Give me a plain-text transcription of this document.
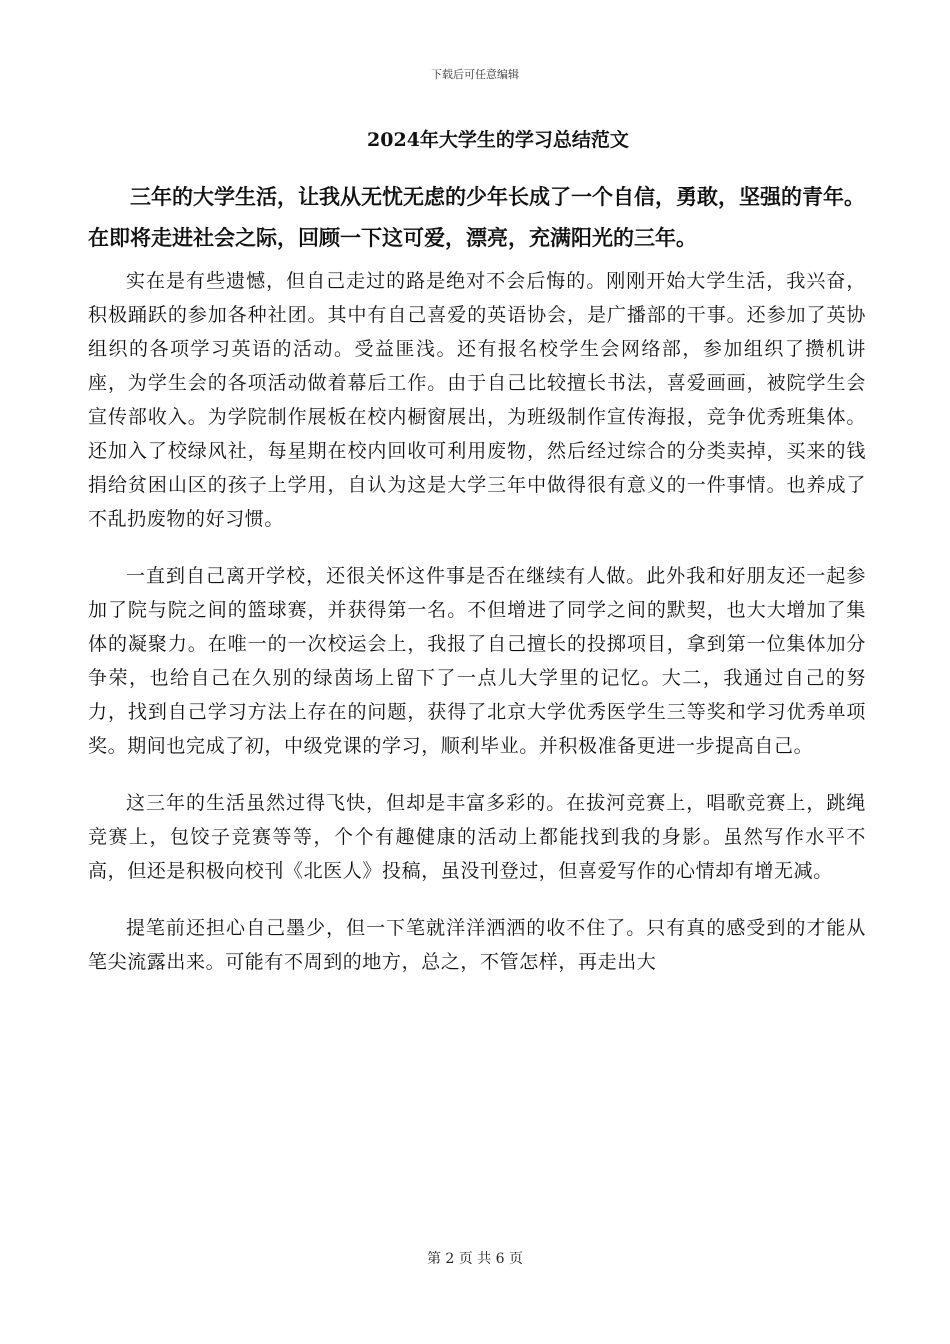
下载后可任意编辑
2024年大学生的学习总结范文

三年的大学生活，让我从无忧无虑的少年长成了一个自信，勇敢，坚强的青年。在即将走进社会之际，回顾一下这可爱，漂亮，充满阳光的三年。

实在是有些遗憾，但自己走过的路是绝对不会后悔的。刚刚开始大学生活，我兴奋，积极踊跃的参加各种社团。其中有自己喜爱的英语协会，是广播部的干事。还参加了英协组织的各项学习英语的活动。受益匪浅。还有报名校学生会网络部，参加组织了攒机讲座，为学生会的各项活动做着幕后工作。由于自己比较擅长书法，喜爱画画，被院学生会宣传部收入。为学院制作展板在校内橱窗展出，为班级制作宣传海报，竞争优秀班集体。还加入了校绿风社，每星期在校内回收可利用废物，然后经过综合的分类卖掉，买来的钱捐给贫困山区的孩子上学用，自认为这是大学三年中做得很有意义的一件事情。也养成了不乱扔废物的好习惯。

一直到自己离开学校，还很关怀这件事是否在继续有人做。此外我和好朋友还一起参加了院与院之间的篮球赛，并获得第一名。不但增进了同学之间的默契，也大大增加了集体的凝聚力。在唯一的一次校运会上，我报了自己擅长的投掷项目，拿到第一位集体加分争荣，也给自己在久别的绿茵场上留下了一点儿大学里的记忆。大二，我通过自己的努力，找到自己学习方法上存在的问题，获得了北京大学优秀医学生三等奖和学习优秀单项奖。期间也完成了初，中级党课的学习，顺利毕业。并积极准备更进一步提高自己。

这三年的生活虽然过得飞快，但却是丰富多彩的。在拔河竞赛上，唱歌竞赛上，跳绳竞赛上，包饺子竞赛等等，个个有趣健康的活动上都能找到我的身影。虽然写作水平不高，但还是积极向校刊《北医人》投稿，虽没刊登过，但喜爱写作的心情却有增无减。

提笔前还担心自己墨少，但一下笔就洋洋洒洒的收不住了。只有真的感受到的才能从笔尖流露出来。可能有不周到的地方，总之，不管怎样，再走出大

第 2 页 共 6 页
